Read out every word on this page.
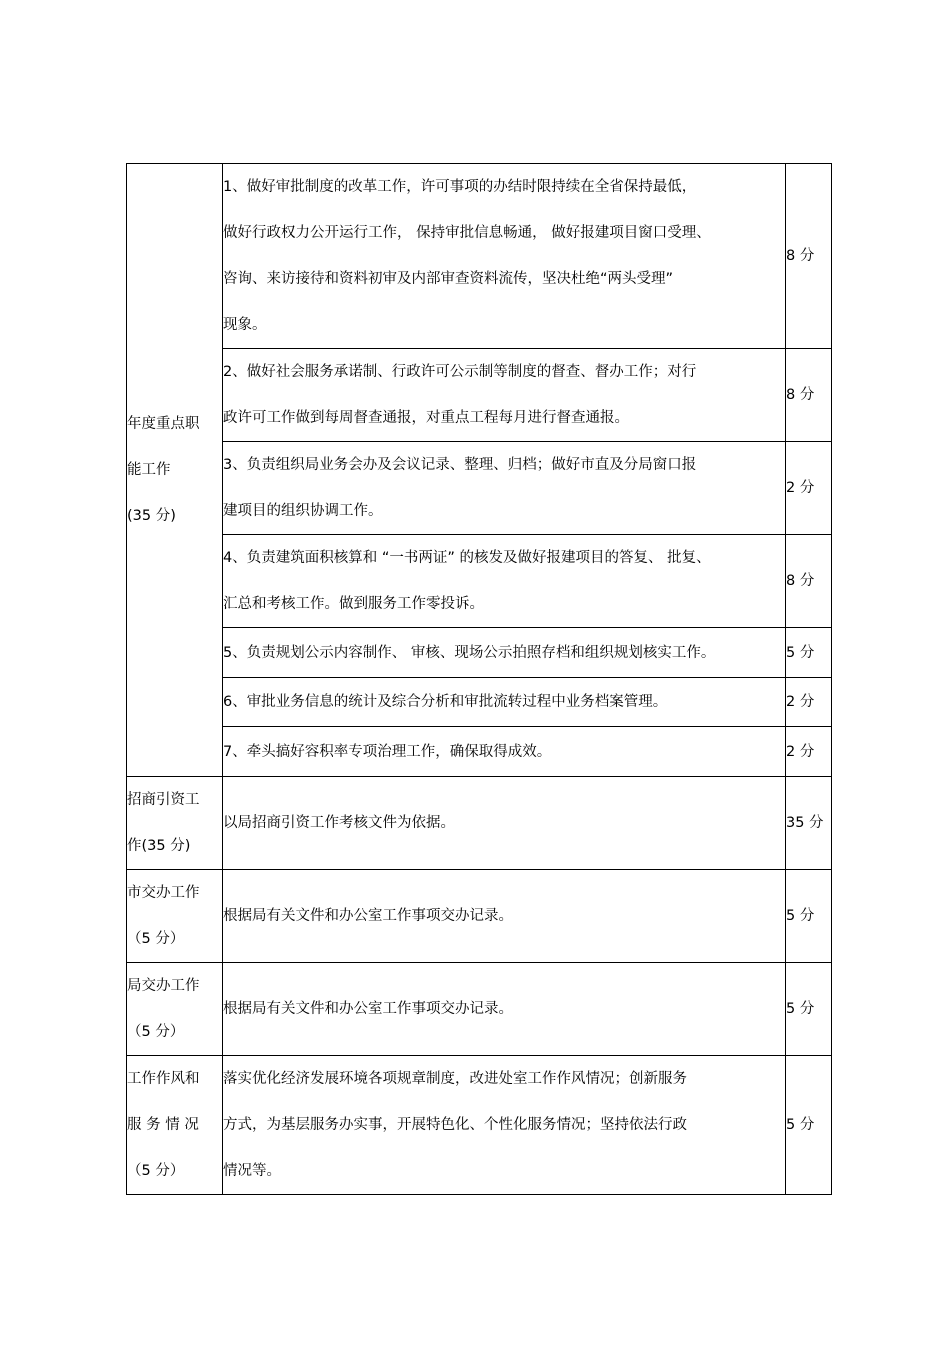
年度重点职
能工作
(35 分)	1、做好审批制度的改革工作，许可事项的办结时限持续在全省保持最低，
做好行政权力公开运行工作， 保持审批信息畅通， 做好报建项目窗口受理、
咨询、来访接待和资料初审及内部审查资料流传，坚决杜绝“两头受理”
现象。	8 分

	2、做好社会服务承诺制、行政许可公示制等制度的督查、督办工作；对行
政许可工作做到每周督查通报，对重点工程每月进行督查通报。	8 分

	3、负责组织局业务会办及会议记录、整理、归档；做好市直及分局窗口报
建项目的组织协调工作。	2 分

	4、负责建筑面积核算和 “一书两证” 的核发及做好报建项目的答复、 批复、
汇总和考核工作。做到服务工作零投诉。	8 分

	5、负责规划公示内容制作、 审核、现场公示拍照存档和组织规划核实工作。	5 分

	6、审批业务信息的统计及综合分析和审批流转过程中业务档案管理。	2 分

	7、牵头搞好容积率专项治理工作，确保取得成效。	2 分

招商引资工
作(35 分)	以局招商引资工作考核文件为依据。	35 分

市交办工作
（5 分）	根据局有关文件和办公室工作事项交办记录。	5 分

局交办工作
（5 分）	根据局有关文件和办公室工作事项交办记录。	5 分

工作作风和
服 务 情 况
（5 分）	落实优化经济发展环境各项规章制度，改进处室工作作风情况；创新服务
方式，为基层服务办实事，开展特色化、个性化服务情况；坚持依法行政
情况等。	5 分
